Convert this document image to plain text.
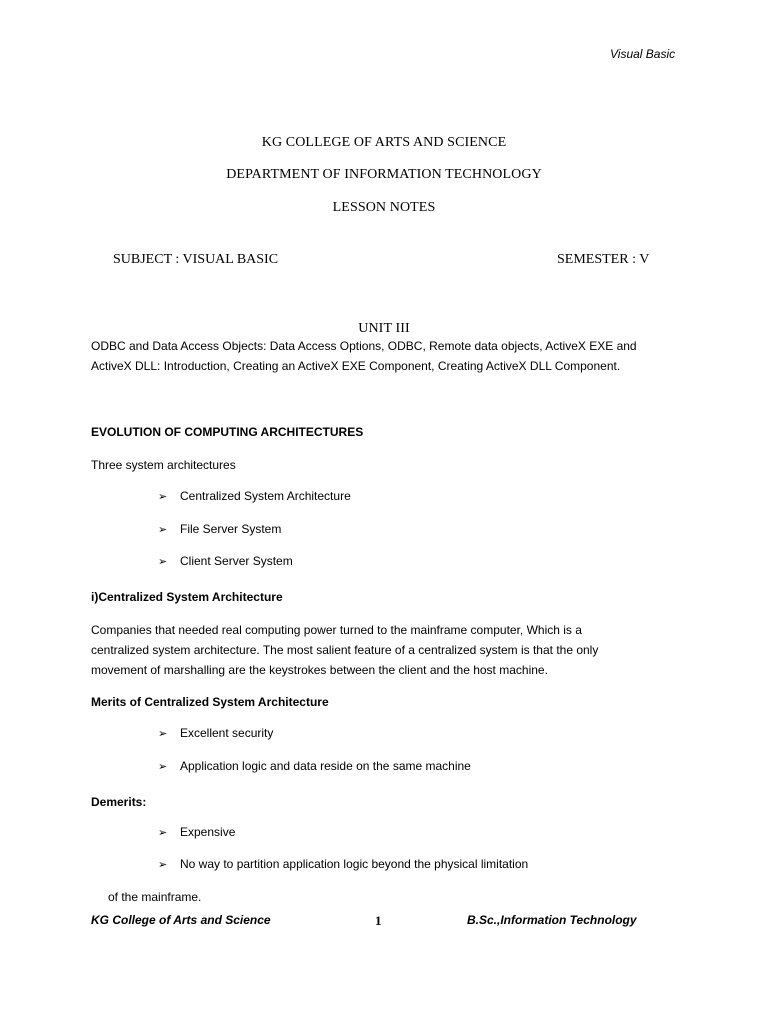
Visual Basic
KG COLLEGE OF ARTS AND SCIENCE
DEPARTMENT OF INFORMATION TECHNOLOGY
LESSON NOTES
SUBJECT : VISUAL BASIC	SEMESTER : V
UNIT III
ODBC and Data Access Objects: Data Access Options, ODBC, Remote data objects, ActiveX EXE and
ActiveX DLL: Introduction, Creating an ActiveX EXE Component, Creating ActiveX DLL Component.
EVOLUTION OF COMPUTING ARCHITECTURES
Three system architectures
➢ Centralized System Architecture
➢ File Server System
➢ Client Server System
i)Centralized System Architecture
Companies that needed real computing power turned to the mainframe computer, Which is a
centralized system architecture. The most salient feature of a centralized system is that the only
movement of marshalling are the keystrokes between the client and the host machine.
Merits of Centralized System Architecture
➢ Excellent security
➢ Application logic and data reside on the same machine
Demerits:
➢ Expensive
➢ No way to partition application logic beyond the physical limitation
of the mainframe.
KG College of Arts and Science	1	B.Sc.,Information Technology
